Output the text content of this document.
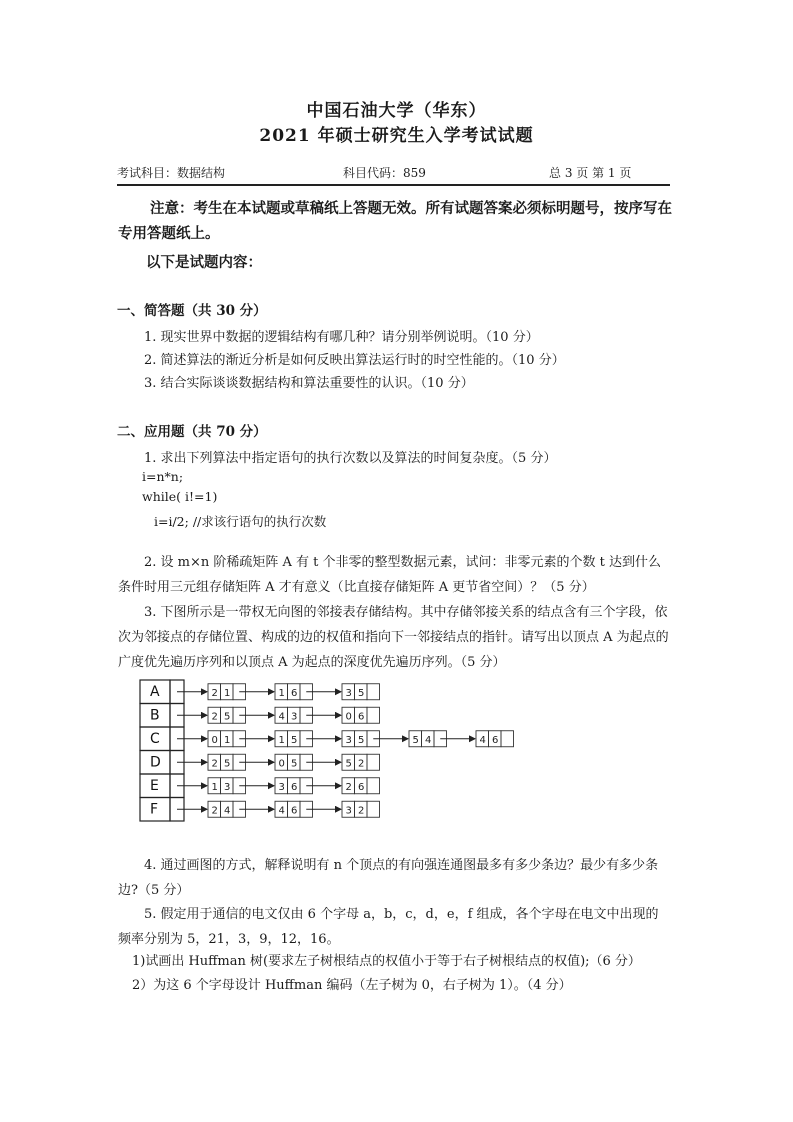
中国石油大学（华东）
2021 年硕士研究生入学考试试题
考试科目：数据结构	科目代码：859	总 3 页 第 1 页
注意：考生在本试题或草稿纸上答题无效。所有试题答案必须标明题号，按序写在专用答题纸上。
以下是试题内容：
一、简答题（共 30 分）
1. 现实世界中数据的逻辑结构有哪几种？请分别举例说明。（10 分）
2. 简述算法的渐近分析是如何反映出算法运行时的时空性能的。（10 分）
3. 结合实际谈谈数据结构和算法重要性的认识。（10 分）
二、应用题（共 70 分）
1. 求出下列算法中指定语句的执行次数以及算法的时间复杂度。（5 分）
i=n*n;
while( i!=1)
i=i/2; //求该行语句的执行次数
2. 设 m×n 阶稀疏矩阵 A 有 t 个非零的整型数据元素，试问：非零元素的个数 t 达到什么条件时用三元组存储矩阵 A 才有意义（比直接存储矩阵 A 更节省空间）？（5 分）
3. 下图所示是一带权无向图的邻接表存储结构。其中存储邻接关系的结点含有三个字段，依次为邻接点的存储位置、构成的边的权值和指向下一邻接结点的指针。请写出以顶点 A 为起点的广度优先遍历序列和以顶点 A 为起点的深度优先遍历序列。（5 分）
A	2 1	1 6	3 5
B	2 5	4 3	0 6
C	0 1	1 5	3 5	5 4	4 6
D	2 5	0 5	5 2
E	1 3	3 6	2 6
F	2 4	4 6	3 2
4. 通过画图的方式，解释说明有 n 个顶点的有向强连通图最多有多少条边？最少有多少条边?（5 分）
5. 假定用于通信的电文仅由 6 个字母 a，b，c，d，e，f 组成，各个字母在电文中出现的频率分别为 5，21，3，9，12，16。
1)试画出 Huffman 树(要求左子树根结点的权值小于等于右子树根结点的权值);（6 分）
2）为这 6 个字母设计 Huffman 编码（左子树为 0，右子树为 1）。（4 分）
